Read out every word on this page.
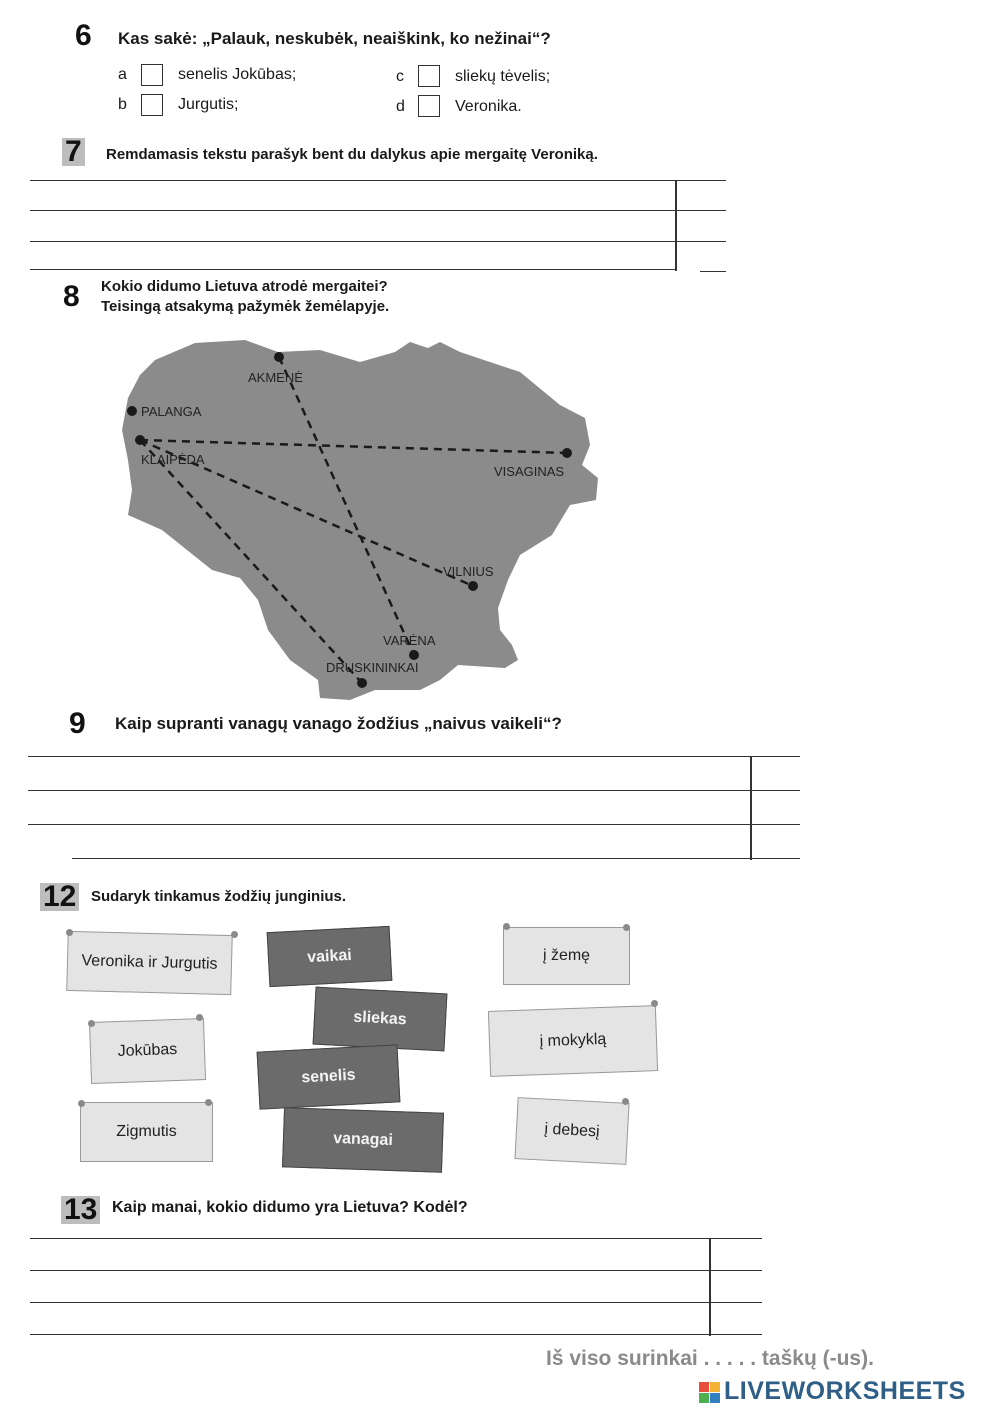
6 Kas sakė: „Palauk, neskubėk, neaiškink, ko nežinai“?
a	senelis Jokūbas;
b	Jurgutis;
c	sliekų tėvelis;
d	Veronika.
7 Remdamasis tekstu parašyk bent du dalykus apie mergaitę Veroniką.
8 Kokio didumo Lietuva atrodė mergaitei?
Teisingą atsakymą pažymėk žemėlapyje.
AKMENĖ
PALANGA
KLAIPĖDA
VISAGINAS
VILNIUS
VARĖNA
DRUSKININKAI
9 Kaip supranti vanagų vanago žodžius „naivus vaikeli“?
12 Sudaryk tinkamus žodžių junginius.
Veronika ir Jurgutis
Jokūbas
Zigmutis
vaikai
sliekas
senelis
vanagai
į žemę
į mokyklą
į debesį
13 Kaip manai, kokio didumo yra Lietuva? Kodėl?
Iš viso surinkai . . . . . taškų (-us).
LIVEWORKSHEETS
